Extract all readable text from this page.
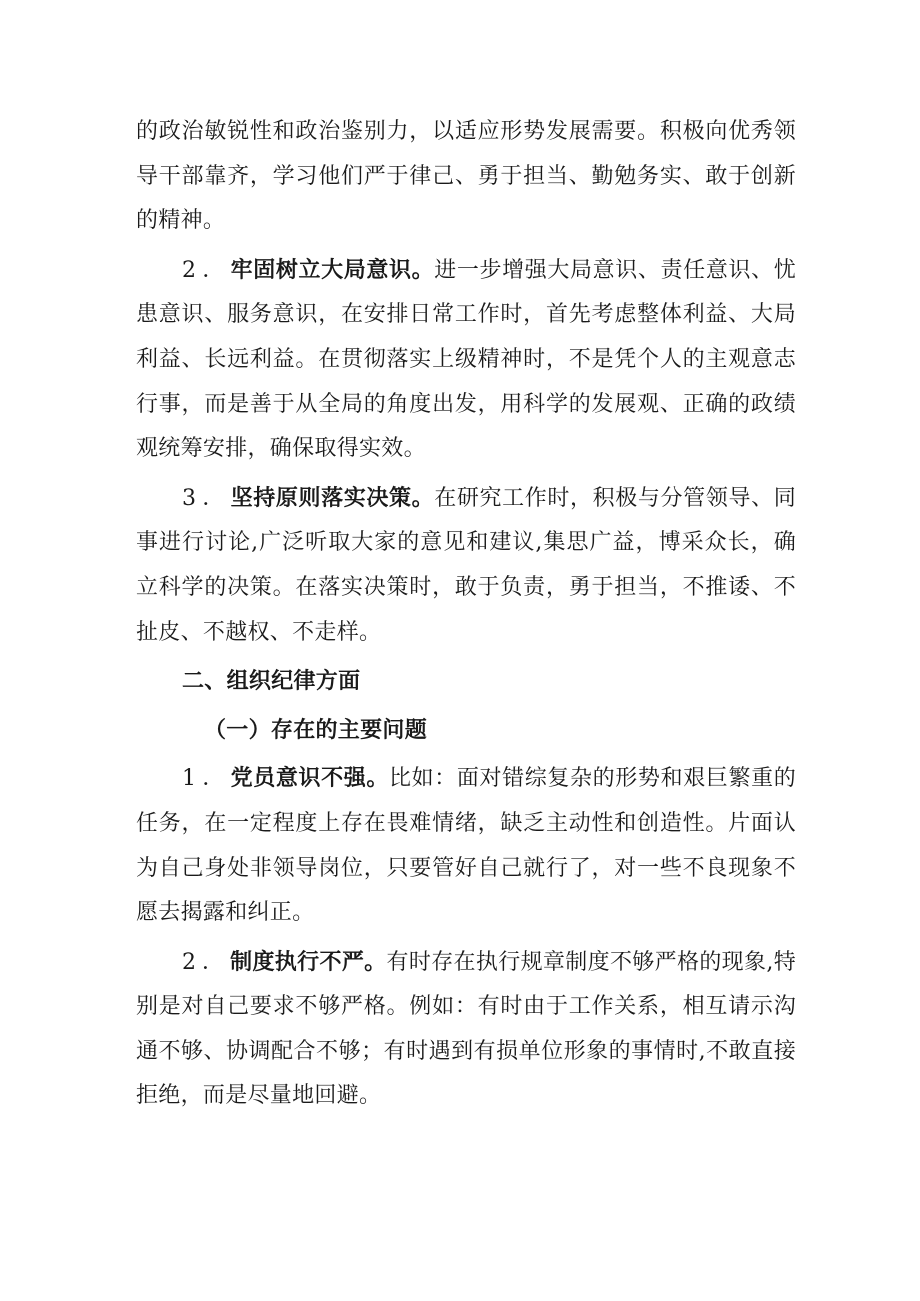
的政治敏锐性和政治鉴别力，以适应形势发展需要。积极向优秀领导干部靠齐，学习他们严于律己、勇于担当、勤勉务实、敢于创新的精神。

2．牢固树立大局意识。进一步增强大局意识、责任意识、忧患意识、服务意识，在安排日常工作时，首先考虑整体利益、大局利益、长远利益。在贯彻落实上级精神时，不是凭个人的主观意志行事，而是善于从全局的角度出发，用科学的发展观、正确的政绩观统筹安排，确保取得实效。

3．坚持原则落实决策。在研究工作时，积极与分管领导、同事进行讨论,广泛听取大家的意见和建议,集思广益，博采众长，确立科学的决策。在落实决策时，敢于负责，勇于担当，不推诿、不扯皮、不越权、不走样。

二、组织纪律方面

（一）存在的主要问题

1．党员意识不强。比如：面对错综复杂的形势和艰巨繁重的任务，在一定程度上存在畏难情绪，缺乏主动性和创造性。片面认为自己身处非领导岗位，只要管好自己就行了，对一些不良现象不愿去揭露和纠正。

2．制度执行不严。有时存在执行规章制度不够严格的现象,特别是对自己要求不够严格。例如：有时由于工作关系，相互请示沟通不够、协调配合不够；有时遇到有损单位形象的事情时,不敢直接拒绝，而是尽量地回避。
